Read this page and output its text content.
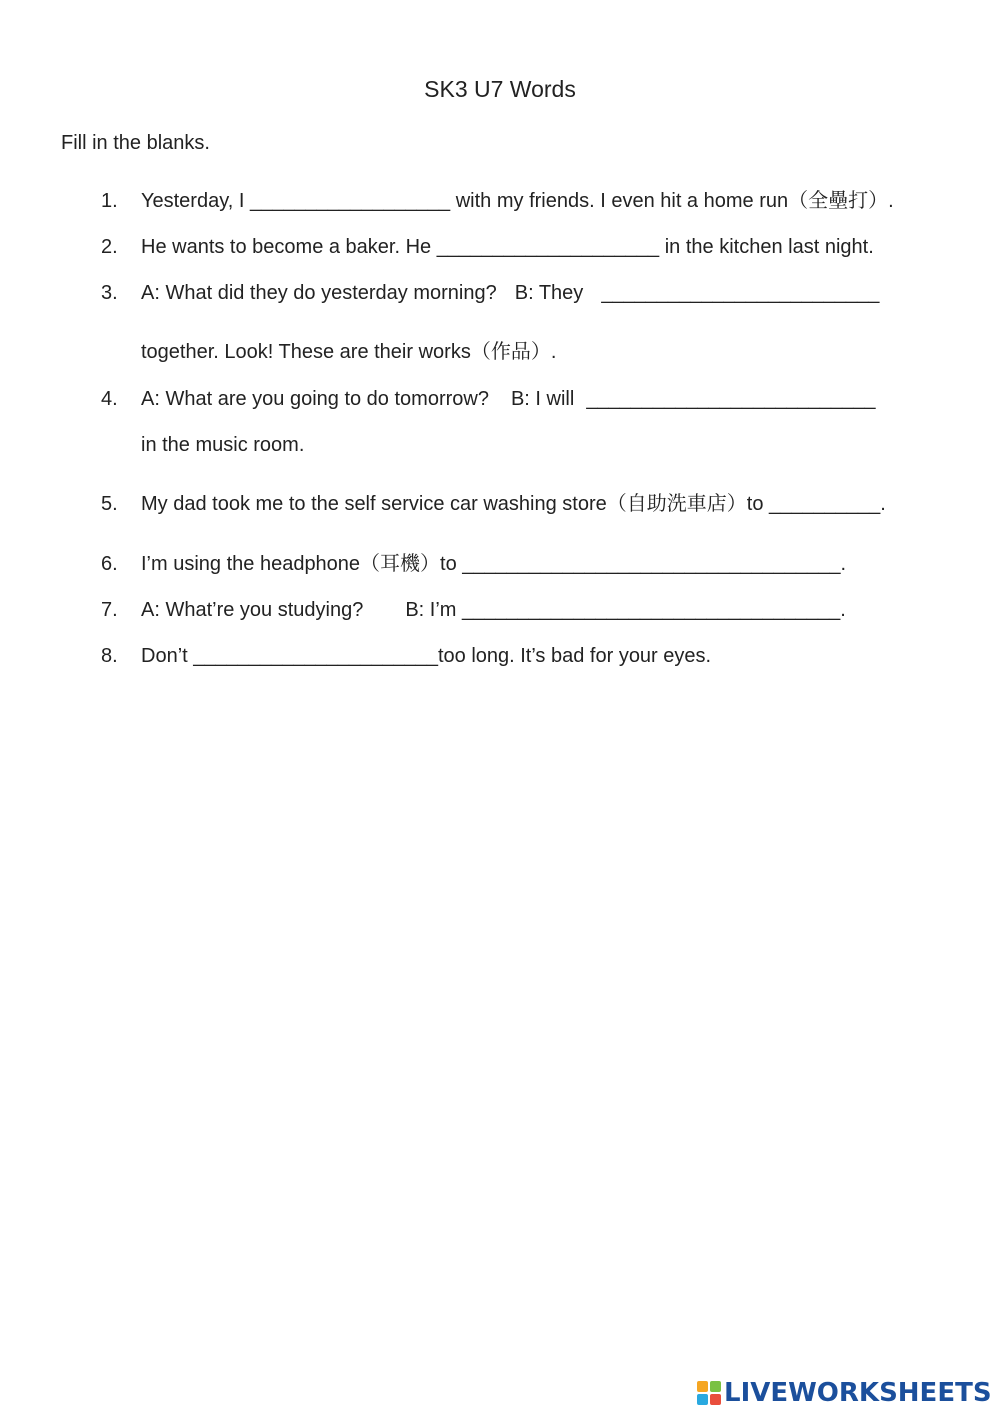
SK3 U7 Words
Fill in the blanks.
1. Yesterday, I __________________ with my friends. I even hit a home run（全壘打）.
2. He wants to become a baker. He ____________________ in the kitchen last night.
3. A: What did they do yesterday morning? B: They _________________________
together. Look! These are their works（作品）.
4. A: What are you going to do tomorrow? B: I will __________________________
in the music room.
5. My dad took me to the self service car washing store（自助洗車店）to __________.
6. I’m using the headphone（耳機）to __________________________________.
7. A: What’re you studying? B: I’m __________________________________.
8. Don’t ______________________too long. It’s bad for your eyes.
LIVEWORKSHEETS
